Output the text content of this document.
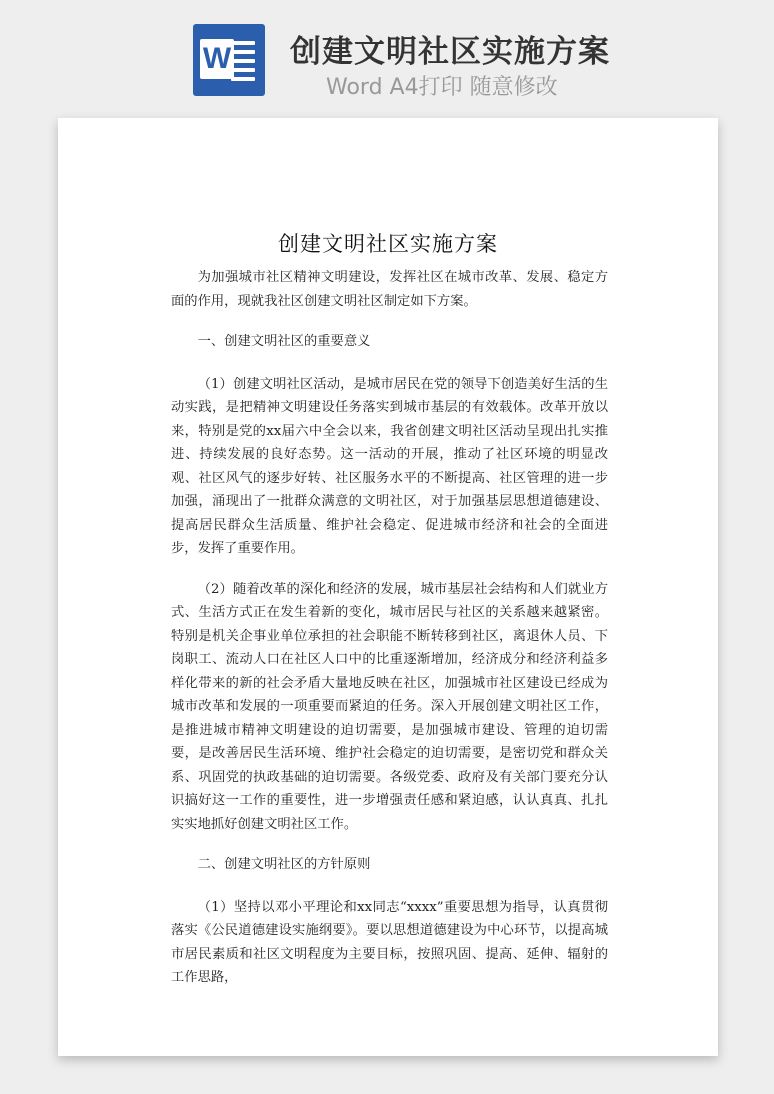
W 创建文明社区实施方案
Word A4打印 随意修改
创建文明社区实施方案

为加强城市社区精神文明建设，发挥社区在城市改革、发展、稳定方面的作用，现就我社区创建文明社区制定如下方案。

一、创建文明社区的重要意义

（1）创建文明社区活动，是城市居民在党的领导下创造美好生活的生动实践，是把精神文明建设任务落实到城市基层的有效载体。改革开放以来，特别是党的xx届六中全会以来，我省创建文明社区活动呈现出扎实推进、持续发展的良好态势。这一活动的开展，推动了社区环境的明显改观、社区风气的逐步好转、社区服务水平的不断提高、社区管理的进一步加强，涌现出了一批群众满意的文明社区，对于加强基层思想道德建设、提高居民群众生活质量、维护社会稳定、促进城市经济和社会的全面进步，发挥了重要作用。

（2）随着改革的深化和经济的发展，城市基层社会结构和人们就业方式、生活方式正在发生着新的变化，城市居民与社区的关系越来越紧密。特别是机关企事业单位承担的社会职能不断转移到社区，离退休人员、下岗职工、流动人口在社区人口中的比重逐渐增加，经济成分和经济利益多样化带来的新的社会矛盾大量地反映在社区，加强城市社区建设已经成为城市改革和发展的一项重要而紧迫的任务。深入开展创建文明社区工作，是推进城市精神文明建设的迫切需要，是加强城市建设、管理的迫切需要，是改善居民生活环境、维护社会稳定的迫切需要，是密切党和群众关系、巩固党的执政基础的迫切需要。各级党委、政府及有关部门要充分认识搞好这一工作的重要性，进一步增强责任感和紧迫感，认认真真、扎扎实实地抓好创建文明社区工作。

二、创建文明社区的方针原则

（1）坚持以邓小平理论和xx同志“xxxx”重要思想为指导，认真贯彻落实《公民道德建设实施纲要》。要以思想道德建设为中心环节，以提高城市居民素质和社区文明程度为主要目标，按照巩固、提高、延伸、辐射的工作思路，
